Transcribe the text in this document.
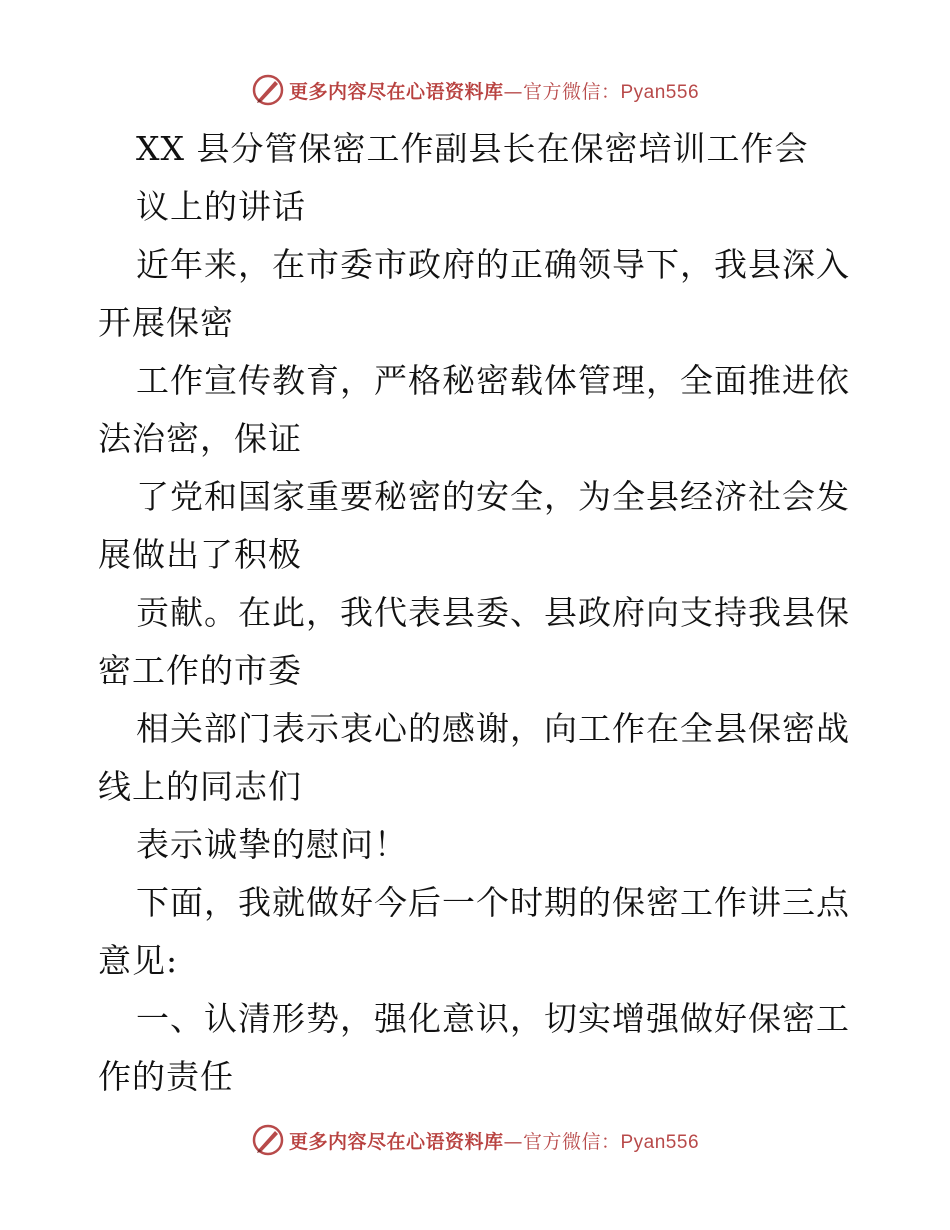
更多内容尽在心语资料库—官方微信：Pyan556
XX 县分管保密工作副县长在保密培训工作会
议上的讲话
近年来，在市委市政府的正确领导下，我县深入
开展保密
工作宣传教育，严格秘密载体管理，全面推进依
法治密，保证
了党和国家重要秘密的安全，为全县经济社会发
展做出了积极
贡献。在此，我代表县委、县政府向支持我县保
密工作的市委
相关部门表示衷心的感谢，向工作在全县保密战
线上的同志们
表示诚挚的慰问！
下面，我就做好今后一个时期的保密工作讲三点
意见:
一、认清形势，强化意识，切实增强做好保密工
作的责任
更多内容尽在心语资料库—官方微信：Pyan556
